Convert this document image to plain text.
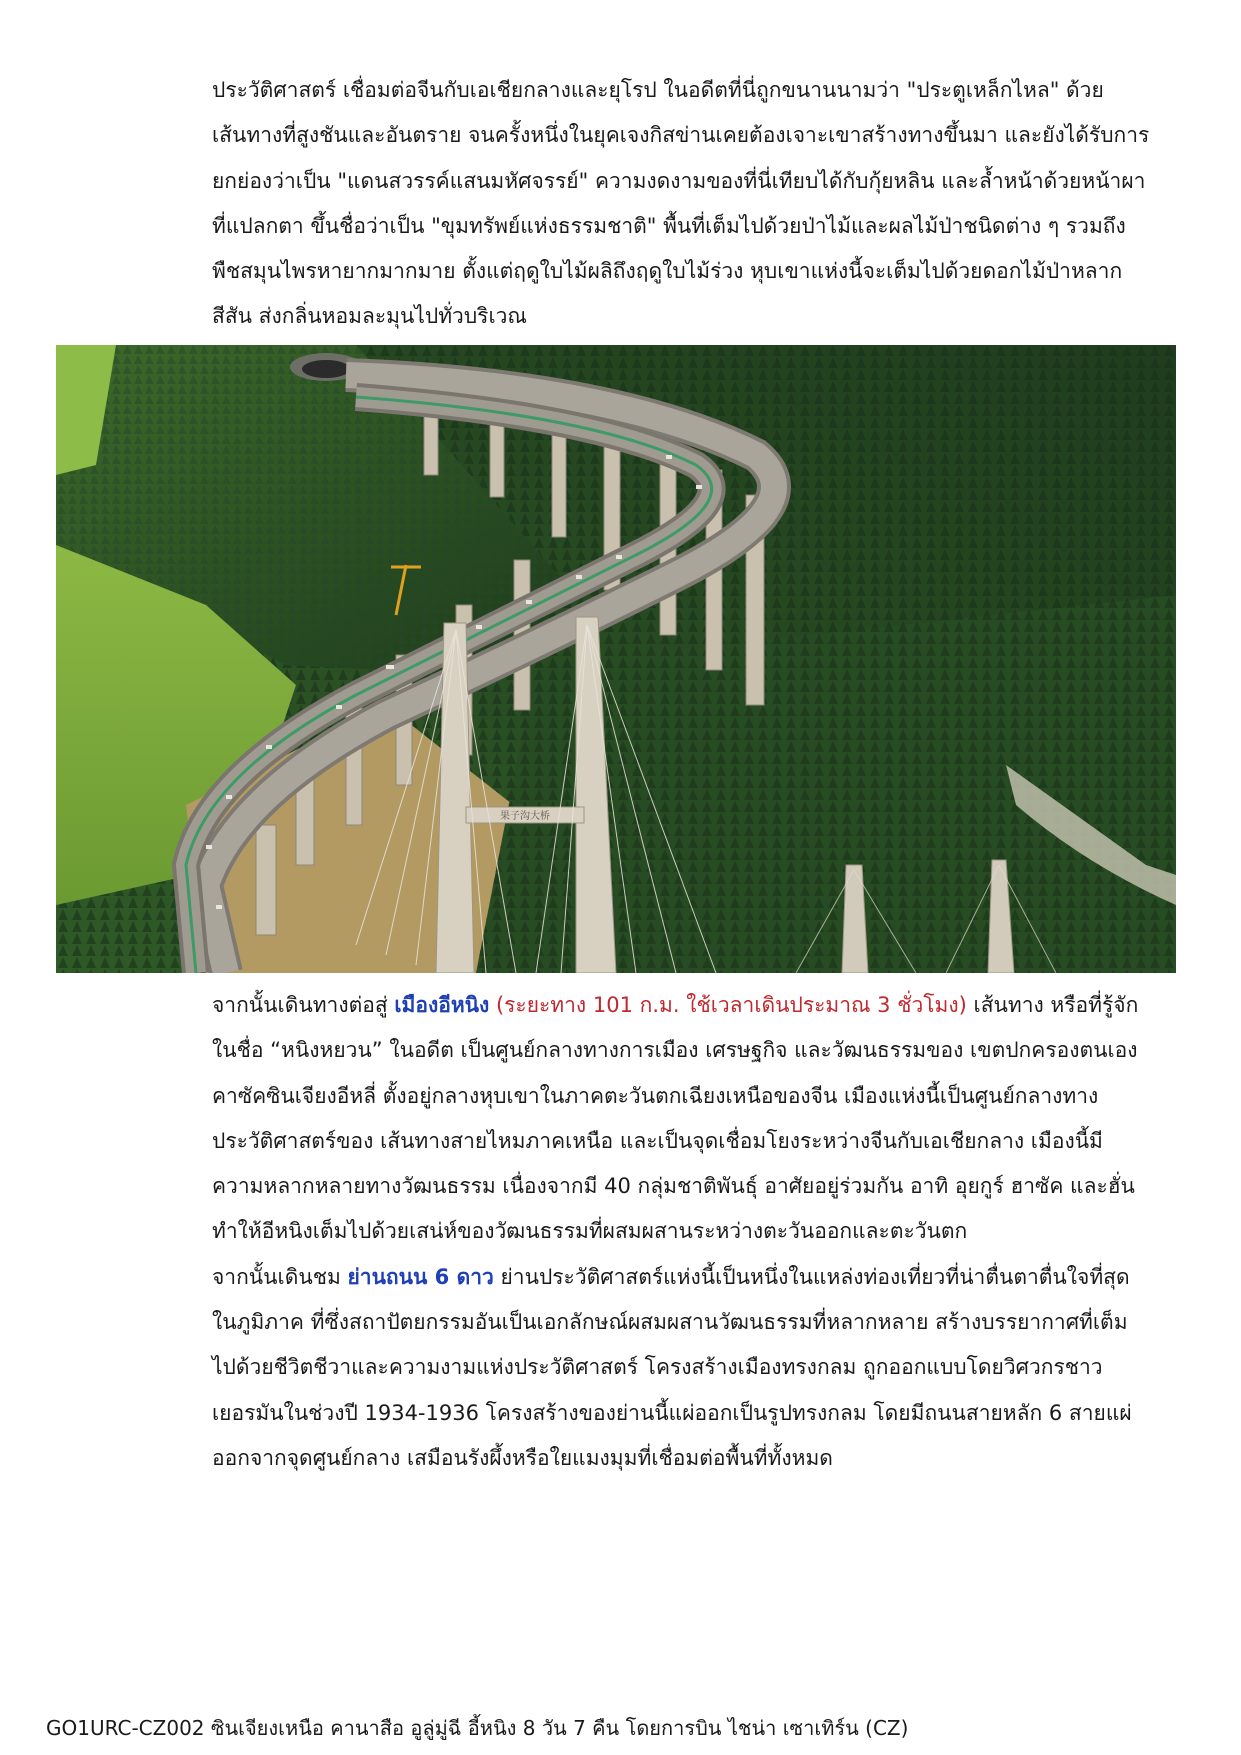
ประวัติศาสตร์ เชื่อมต่อจีนกับเอเชียกลางและยุโรป ในอดีตที่นี่ถูกขนานนามว่า "ประตูเหล็กไหล" ด้วย
เส้นทางที่สูงชันและอันตราย จนครั้งหนึ่งในยุคเจงกิสข่านเคยต้องเจาะเขาสร้างทางขึ้นมา และยังได้รับการ
ยกย่องว่าเป็น "แดนสวรรค์แสนมหัศจรรย์" ความงดงามของที่นี่เทียบได้กับกุ้ยหลิน และล้ำหน้าด้วยหน้าผา
ที่แปลกตา ขึ้นชื่อว่าเป็น "ขุมทรัพย์แห่งธรรมชาติ" พื้นที่เต็มไปด้วยป่าไม้และผลไม้ป่าชนิดต่าง ๆ รวมถึง
พืชสมุนไพรหายากมากมาย ตั้งแต่ฤดูใบไม้ผลิถึงฤดูใบไม้ร่วง หุบเขาแห่งนี้จะเต็มไปด้วยดอกไม้ป่าหลาก
สีสัน ส่งกลิ่นหอมละมุนไปทั่วบริเวณ
果子沟大桥
จากนั้นเดินทางต่อสู่ เมืองอีหนิง (ระยะทาง 101 ก.ม. ใช้เวลาเดินประมาณ 3 ชั่วโมง) เส้นทาง หรือที่รู้จัก
ในชื่อ “หนิงหยวน” ในอดีต เป็นศูนย์กลางทางการเมือง เศรษฐกิจ และวัฒนธรรมของ เขตปกครองตนเอง
คาซัคซินเจียงอีหลี่ ตั้งอยู่กลางหุบเขาในภาคตะวันตกเฉียงเหนือของจีน เมืองแห่งนี้เป็นศูนย์กลางทาง
ประวัติศาสตร์ของ เส้นทางสายไหมภาคเหนือ และเป็นจุดเชื่อมโยงระหว่างจีนกับเอเชียกลาง เมืองนี้มี
ความหลากหลายทางวัฒนธรรม เนื่องจากมี 40 กลุ่มชาติพันธุ์ อาศัยอยู่ร่วมกัน อาทิ อุยกูร์ ฮาซัค และฮั่น
ทำให้อีหนิงเต็มไปด้วยเสน่ห์ของวัฒนธรรมที่ผสมผสานระหว่างตะวันออกและตะวันตก
จากนั้นเดินชม ย่านถนน 6 ดาว ย่านประวัติศาสตร์แห่งนี้เป็นหนึ่งในแหล่งท่องเที่ยวที่น่าตื่นตาตื่นใจที่สุด
ในภูมิภาค ที่ซึ่งสถาปัตยกรรมอันเป็นเอกลักษณ์ผสมผสานวัฒนธรรมที่หลากหลาย สร้างบรรยากาศที่เต็ม
ไปด้วยชีวิตชีวาและความงามแห่งประวัติศาสตร์ โครงสร้างเมืองทรงกลม ถูกออกแบบโดยวิศวกรชาว
เยอรมันในช่วงปี 1934-1936 โครงสร้างของย่านนี้แผ่ออกเป็นรูปทรงกลม โดยมีถนนสายหลัก 6 สายแผ่
ออกจากจุดศูนย์กลาง เสมือนรังผึ้งหรือใยแมงมุมที่เชื่อมต่อพื้นที่ทั้งหมด
GO1URC-CZ002 ซินเจียงเหนือ คานาสือ อูลู่มู่ฉี อี้หนิง 8 วัน 7 คืน โดยการบิน ไชน่า เซาเทิร์น (CZ)
